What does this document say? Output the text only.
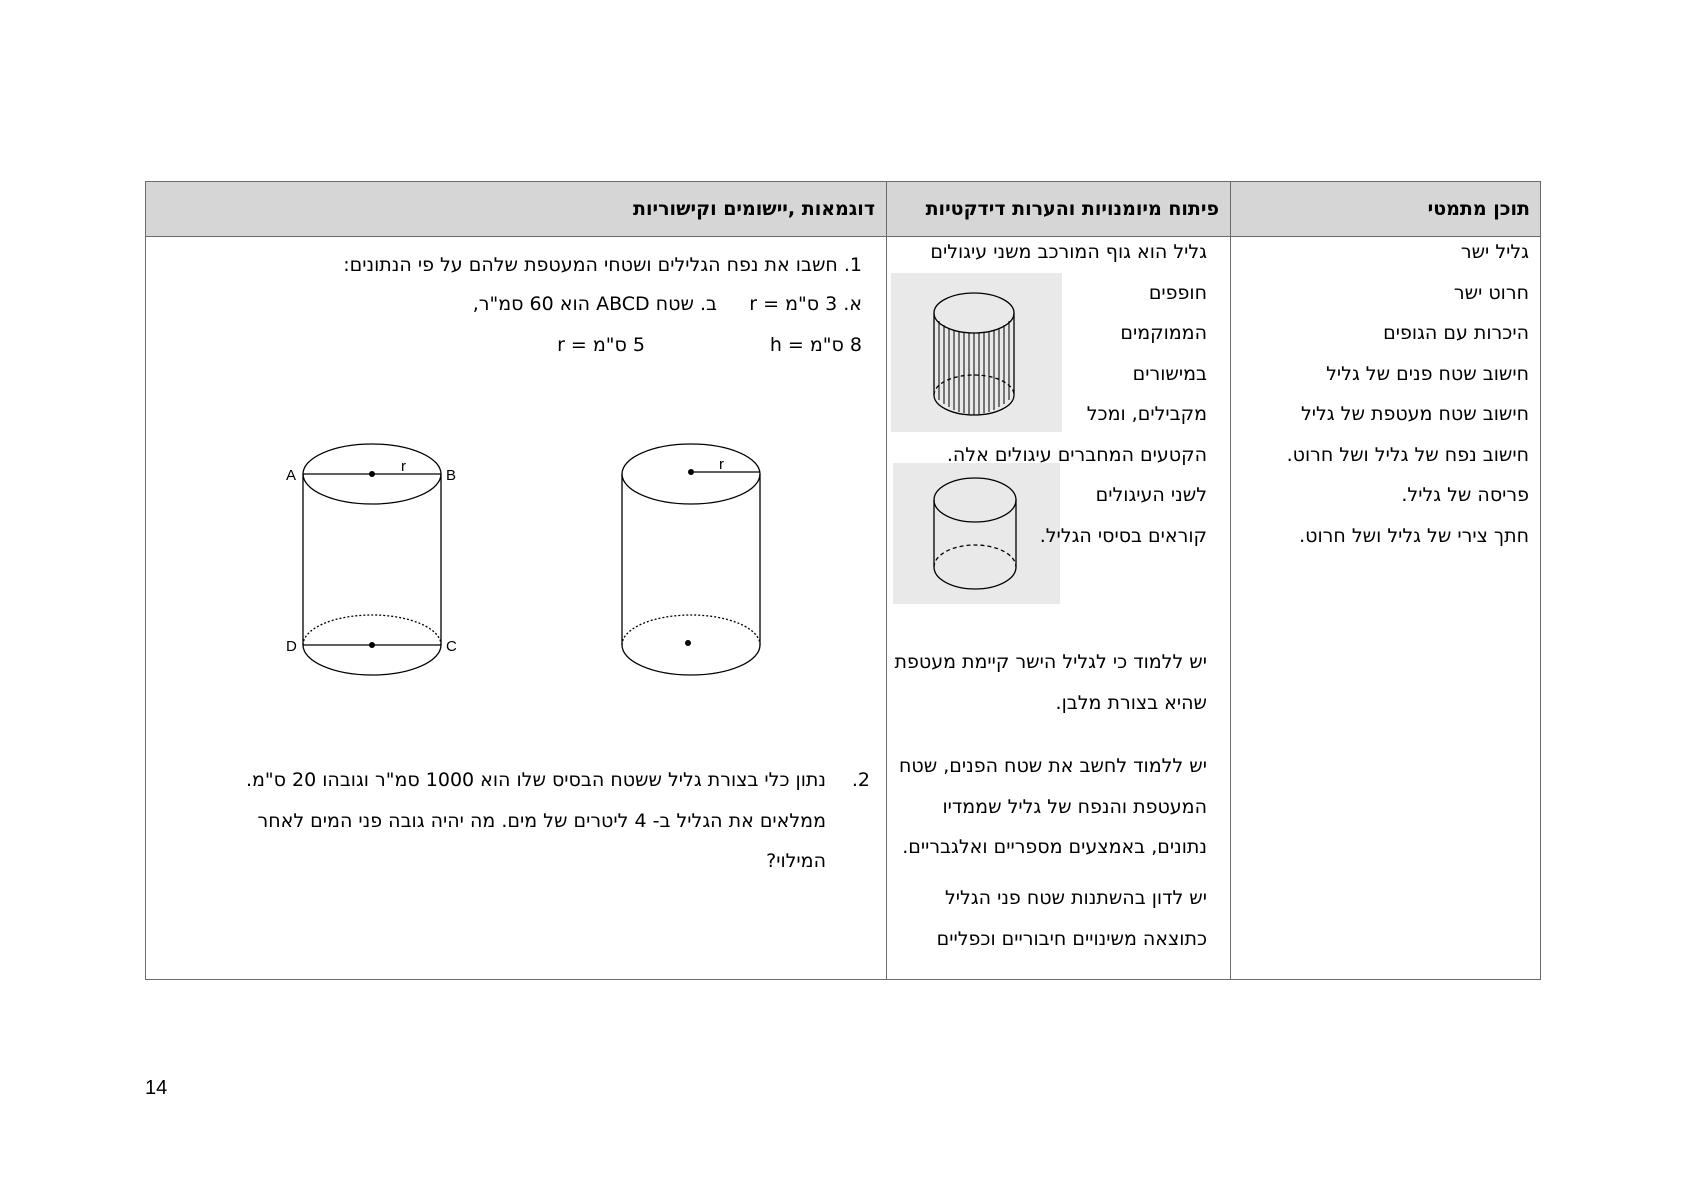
תוכן מתמטי
פיתוח מיומנויות והערות דידקטיות
דוגמאות ,יישומים וקישוריות
גליל ישר
חרוט ישר
היכרות עם הגופים
חישוב שטח פנים של גליל
חישוב שטח מעטפת של גליל
חישוב נפח של גליל ושל חרוט.
פריסה של גליל.
חתך צירי של גליל ושל חרוט.
גליל הוא גוף המורכב משני עיגולים
חופפים
הממוקמים
במישורים
מקבילים, ומכל
הקטעים המחברים עיגולים אלה.
לשני העיגולים
קוראים בסיסי הגליל.
יש ללמוד כי לגליל הישר קיימת מעטפת
שהיא בצורת מלבן.
יש ללמוד לחשב את שטח הפנים, שטח
המעטפת והנפח של גליל שממדיו
נתונים, באמצעים מספריים ואלגבריים.
יש לדון בהשתנות שטח פני הגליל
כתוצאה משינויים חיבוריים וכפליים
1. חשבו את נפח הגלילים ושטחי המעטפת שלהם על פי הנתונים:
א. 3 ס"מ = r
8 ס"מ = h
ב. שטח ABCD הוא 60 סמ"ר,
5 ס"מ = r
A	B
C
D
r	r
2.
נתון כלי בצורת גליל ששטח הבסיס שלו הוא 1000 סמ"ר וגובהו 20 ס"מ.
ממלאים את הגליל ב- 4 ליטרים של מים. מה יהיה גובה פני המים לאחר
המילוי?
14
